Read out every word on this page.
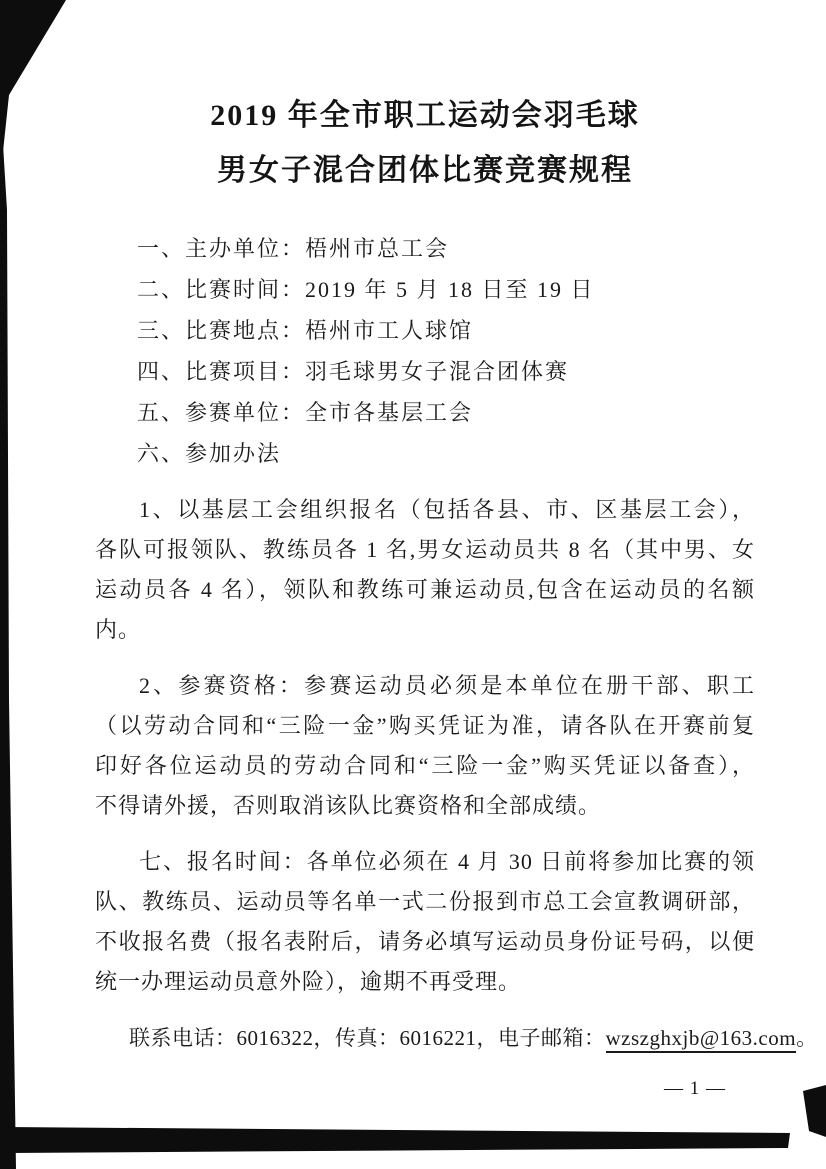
2019 年全市职工运动会羽毛球
男女子混合团体比赛竞赛规程
一、主办单位：梧州市总工会
二、比赛时间：2019 年 5 月 18 日至 19 日
三、比赛地点：梧州市工人球馆
四、比赛项目：羽毛球男女子混合团体赛
五、参赛单位：全市各基层工会
六、参加办法
1、以基层工会组织报名（包括各县、市、区基层工会），
各队可报领队、教练员各 1 名,男女运动员共 8 名（其中男、女
运动员各 4 名），领队和教练可兼运动员,包含在运动员的名额
内。
2、参赛资格：参赛运动员必须是本单位在册干部、职工
（以劳动合同和“三险一金”购买凭证为准，请各队在开赛前复
印好各位运动员的劳动合同和“三险一金”购买凭证以备查），
不得请外援，否则取消该队比赛资格和全部成绩。
七、报名时间：各单位必须在 4 月 30 日前将参加比赛的领
队、教练员、运动员等名单一式二份报到市总工会宣教调研部，
不收报名费（报名表附后，请务必填写运动员身份证号码，以便
统一办理运动员意外险），逾期不再受理。
联系电话：6016322，传真：6016221，电子邮箱：wzszghxjb@163.com。
— 1 —
